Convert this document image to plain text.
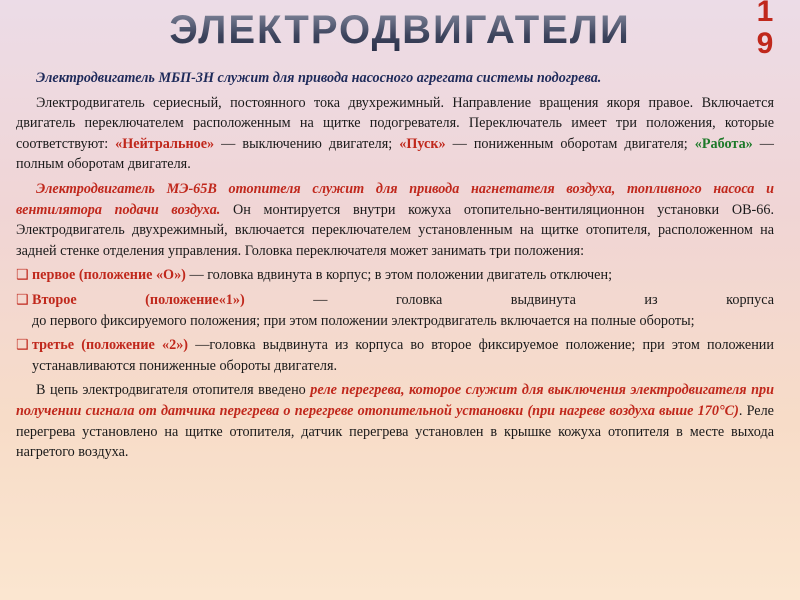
ЭЛЕКТРОДВИГАТЕЛИ	1
9

Электродвигатель МБП-3Н служит для привода насосного агрегата системы подогрева.

Электродвигатель сериесный, постоянного тока двухрежимный. Направление вращения якоря правое. Включается двигатель переключателем расположенным на щитке подогревателя. Переключатель имеет три положения, которые соответствуют: «Нейтральное» — выключению двигателя; «Пуск» — пониженным оборотам двигателя; «Работа» — полным оборотам двигателя.

Электродвигатель МЭ-65В отопителя служит для привода нагнетателя воздуха, топливного насоса и вентилятора подачи воздуха. Он монтируется внутри кожуха отопительно-вентиляционнон установки ОВ-66. Электродвигатель двухрежимный, включается переключателем установленным на щитке отопителя, расположенном на задней стенке отделения управления. Головка переключателя может занимать три положения:

❑ первое (положение «О») — головка вдвинута в корпус; в этом положении двигатель отключен;
❑ Второе (положение«1») — головка выдвинута из корпуса
до первого фиксируемого положения; при этом положении электродвигатель включается на полные обороты;
❑ третье (положение «2») —головка выдвинута из корпуса во второе фиксируемое положение; при этом положении устанавливаются пониженные обороты двигателя.

В цепь электродвигателя отопителя введено реле перегрева, которое служит для выключения электродвигателя при получении сигнала от датчика перегрева о перегреве отопительной установки (при нагреве воздуха выше 170°С). Реле перегрева установлено на щитке отопителя, датчик перегрева установлен в крышке кожуха отопителя в месте выхода нагретого воздуха.
